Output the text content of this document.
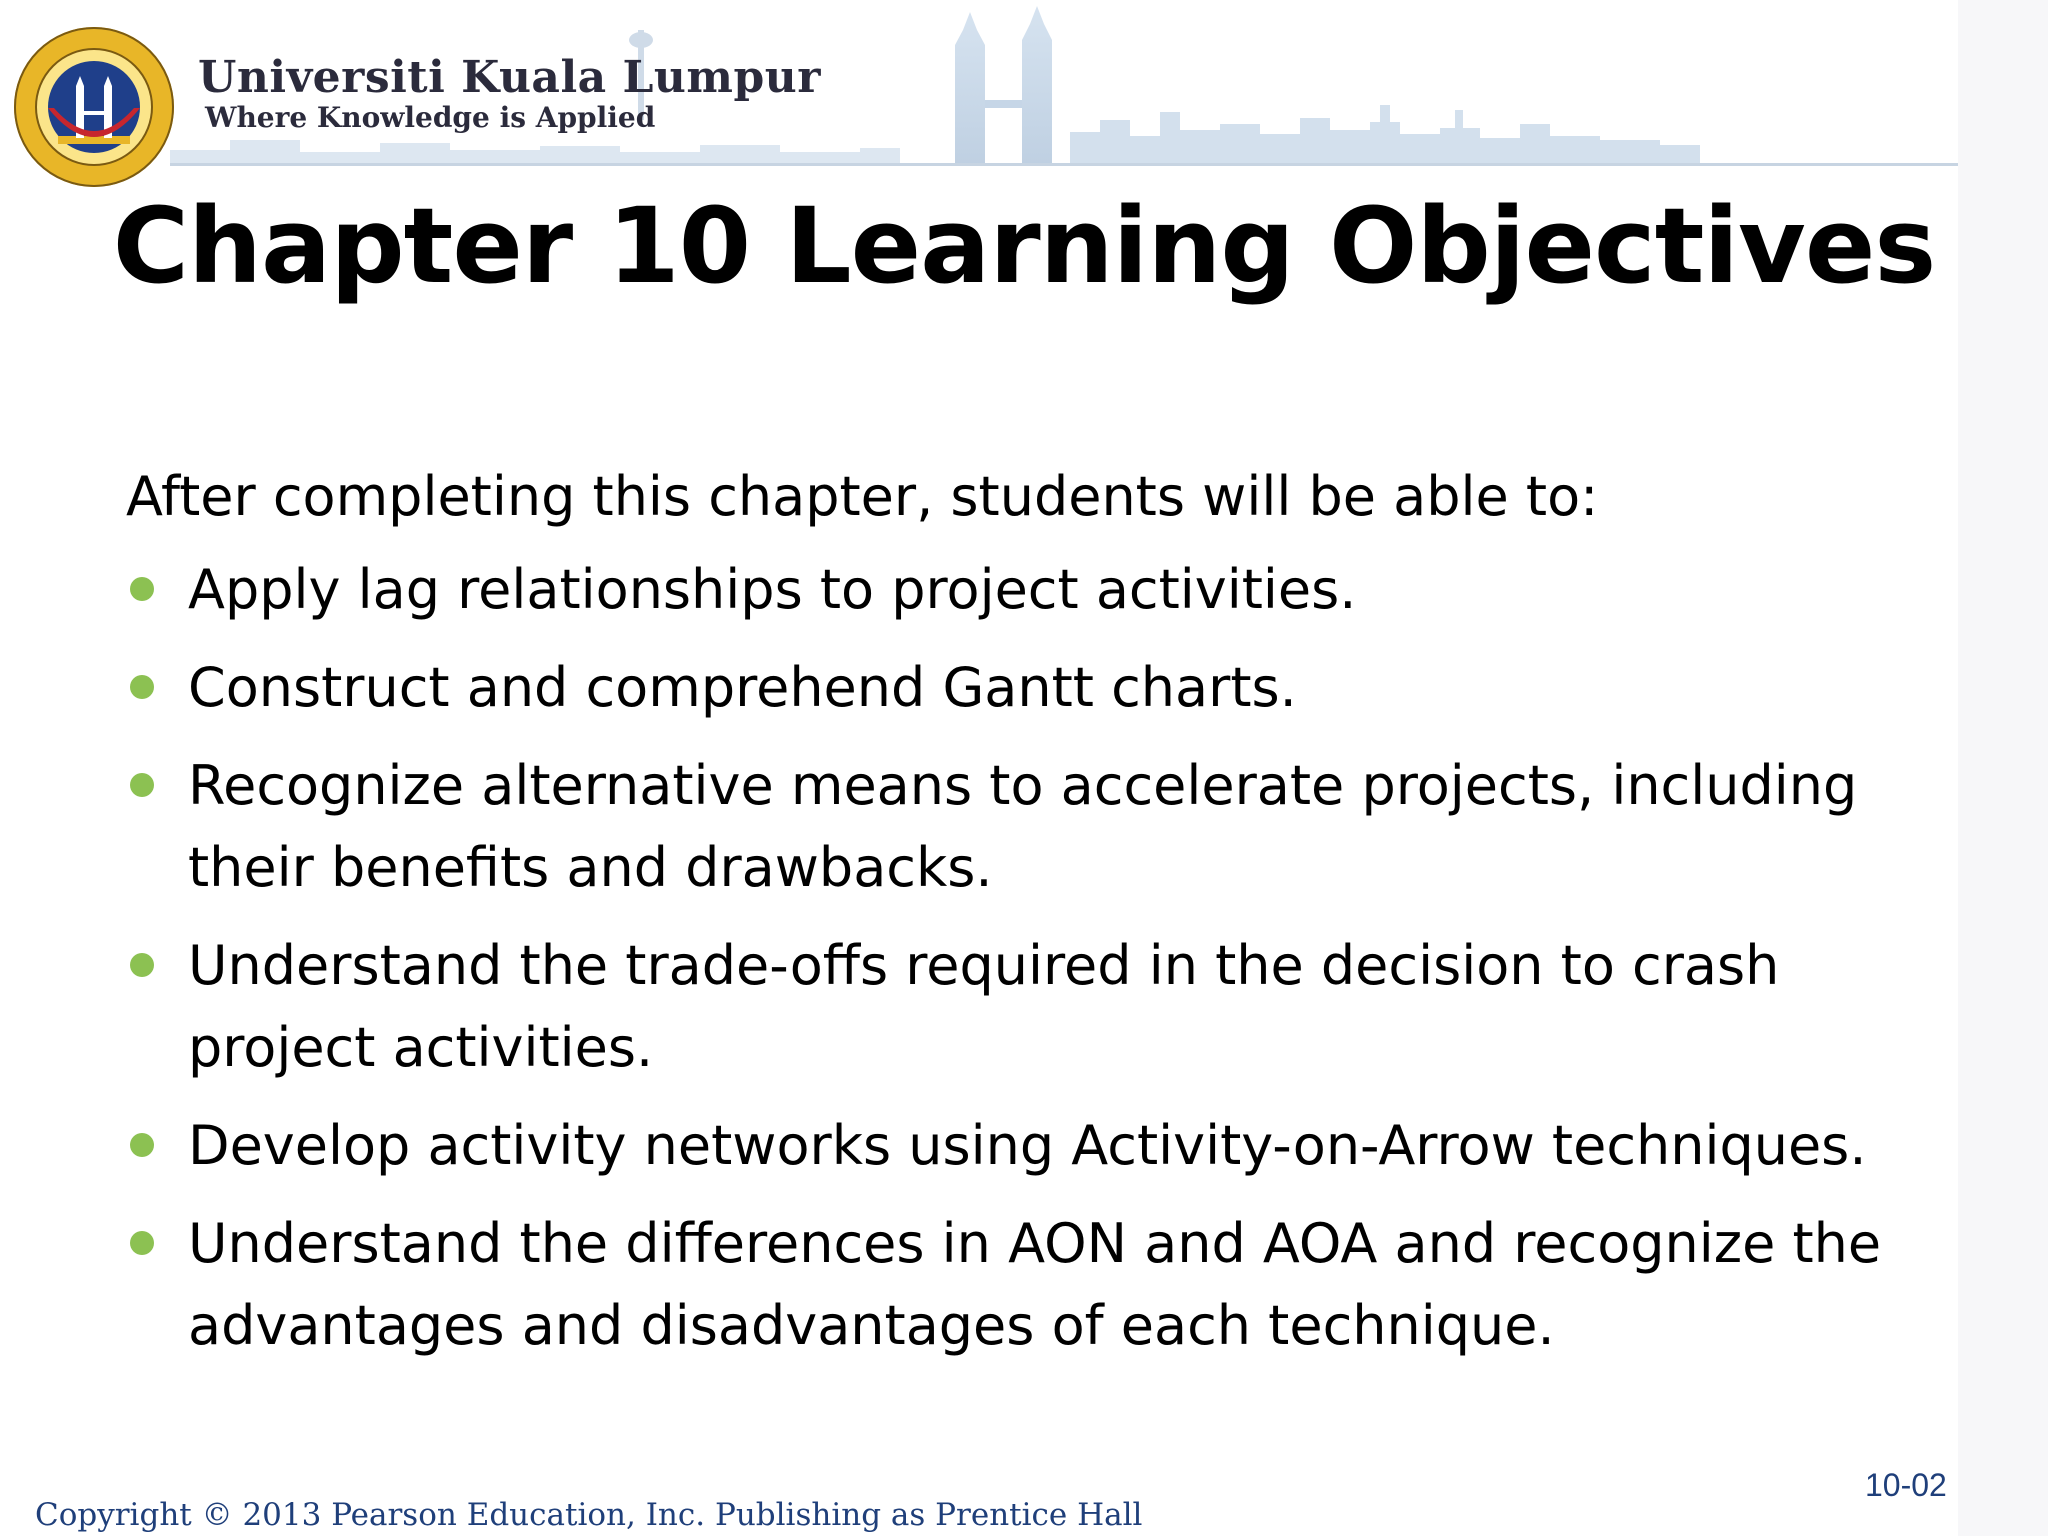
Universiti Kuala Lumpur
Where Knowledge is Applied
Chapter 10 Learning Objectives
After completing this chapter, students will be able to:
Apply lag relationships to project activities.
Construct and comprehend Gantt charts.
Recognize alternative means to accelerate projects, including their benefits and drawbacks.
Understand the trade-offs required in the decision to crash project activities.
Develop activity networks using Activity-on-Arrow techniques.
Understand the differences in AON and AOA and recognize the advantages and disadvantages of each technique.
10-02
Copyright © 2013 Pearson Education, Inc. Publishing as Prentice Hall
